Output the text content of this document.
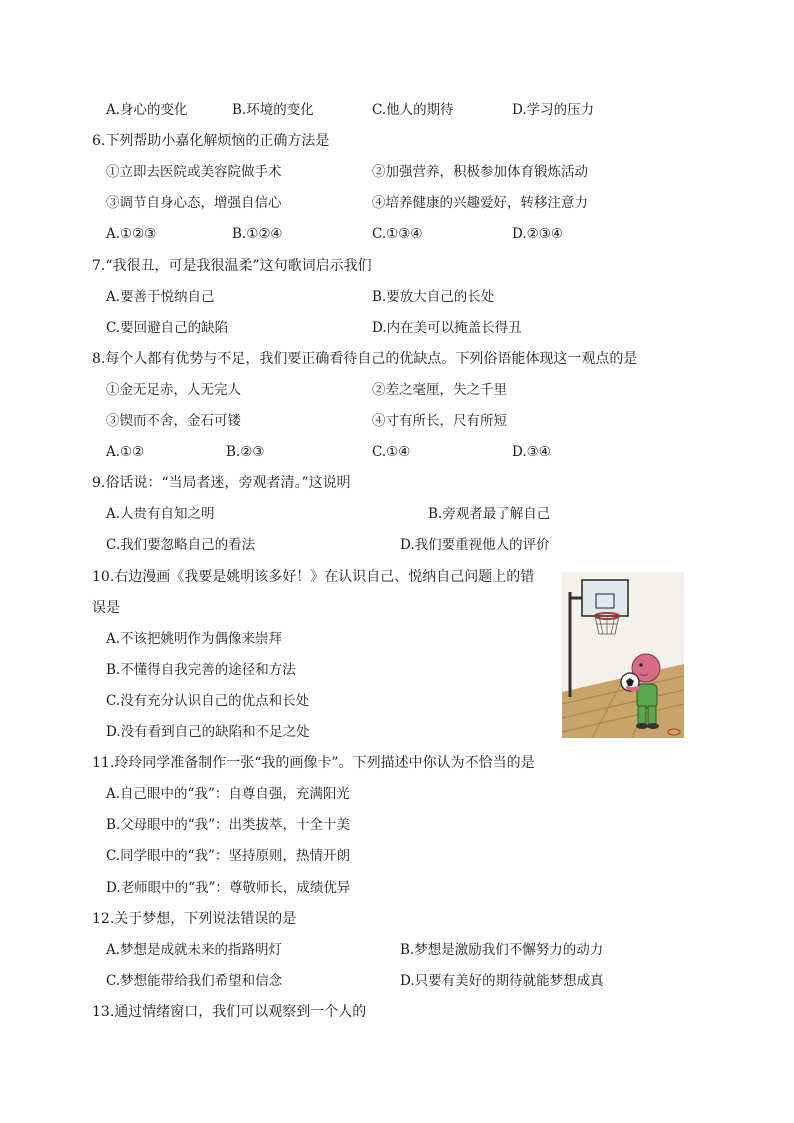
A.身心的变化	B.环境的变化	C.他人的期待	D.学习的压力
6.下列帮助小嘉化解烦恼的正确方法是
①立即去医院或美容院做手术	②加强营养，积极参加体育锻炼活动
③调节自身心态，增强自信心	④培养健康的兴趣爱好，转移注意力
A.①②③	B.①②④	C.①③④	D.②③④
7.“我很丑，可是我很温柔”这句歌词启示我们
A.要善于悦纳自己	B.要放大自己的长处
C.要回避自己的缺陷	D.内在美可以掩盖长得丑
8.每个人都有优势与不足，我们要正确看待自己的优缺点。下列俗语能体现这一观点的是
①金无足赤，人无完人	②差之毫厘，失之千里
③锲而不舍，金石可镂	④寸有所长，尺有所短
A.①②	B.②③	C.①④	D.③④
9.俗话说：“当局者迷，旁观者清。”这说明
A.人贵有自知之明	B.旁观者最了解自己
C.我们要忽略自己的看法	D.我们要重视他人的评价
10.右边漫画《我要是姚明该多好！》在认识自己、悦纳自己问题上的错
误是
A.不该把姚明作为偶像来崇拜
B.不懂得自我完善的途径和方法
C.没有充分认识自己的优点和长处
D.没有看到自己的缺陷和不足之处
11.玲玲同学准备制作一张“我的画像卡”。下列描述中你认为不恰当的是
A.自己眼中的“我”：自尊自强，充满阳光
B.父母眼中的“我”：出类拔萃，十全十美
C.同学眼中的“我”：坚持原则，热情开朗
D.老师眼中的“我”：尊敬师长，成绩优异
12.关于梦想，下列说法错误的是
A.梦想是成就未来的指路明灯	B.梦想是激励我们不懈努力的动力
C.梦想能带给我们希望和信念	D.只要有美好的期待就能梦想成真
13.通过情绪窗口，我们可以观察到一个人的
